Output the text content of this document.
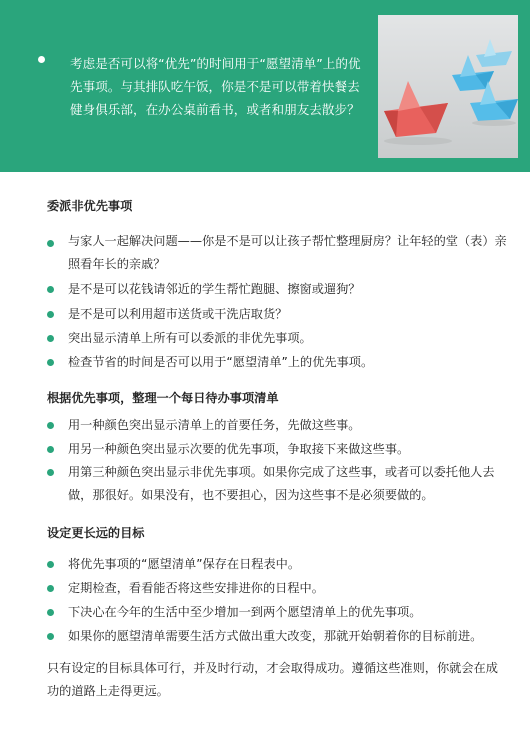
考虑是否可以将“优先”的时间用于“愿望清单”上的优先事项。与其排队吃午饭，你是不是可以带着快餐去健身俱乐部，在办公桌前看书，或者和朋友去散步？
委派非优先事项
与家人一起解决问题——你是不是可以让孩子帮忙整理厨房？让年轻的堂（表）亲照看年长的亲戚？
是不是可以花钱请邻近的学生帮忙跑腿、擦窗或遛狗？
是不是可以利用超市送货或干洗店取货？
突出显示清单上所有可以委派的非优先事项。
检查节省的时间是否可以用于“愿望清单”上的优先事项。
根据优先事项，整理一个每日待办事项清单
用一种颜色突出显示清单上的首要任务，先做这些事。
用另一种颜色突出显示次要的优先事项，争取接下来做这些事。
用第三种颜色突出显示非优先事项。如果你完成了这些事，或者可以委托他人去做，那很好。如果没有，也不要担心，因为这些事不是必须要做的。
设定更长远的目标
将优先事项的“愿望清单”保存在日程表中。
定期检查，看看能否将这些安排进你的日程中。
下决心在今年的生活中至少增加一到两个愿望清单上的优先事项。
如果你的愿望清单需要生活方式做出重大改变，那就开始朝着你的目标前进。
只有设定的目标具体可行，并及时行动，才会取得成功。遵循这些准则，你就会在成功的道路上走得更远。
